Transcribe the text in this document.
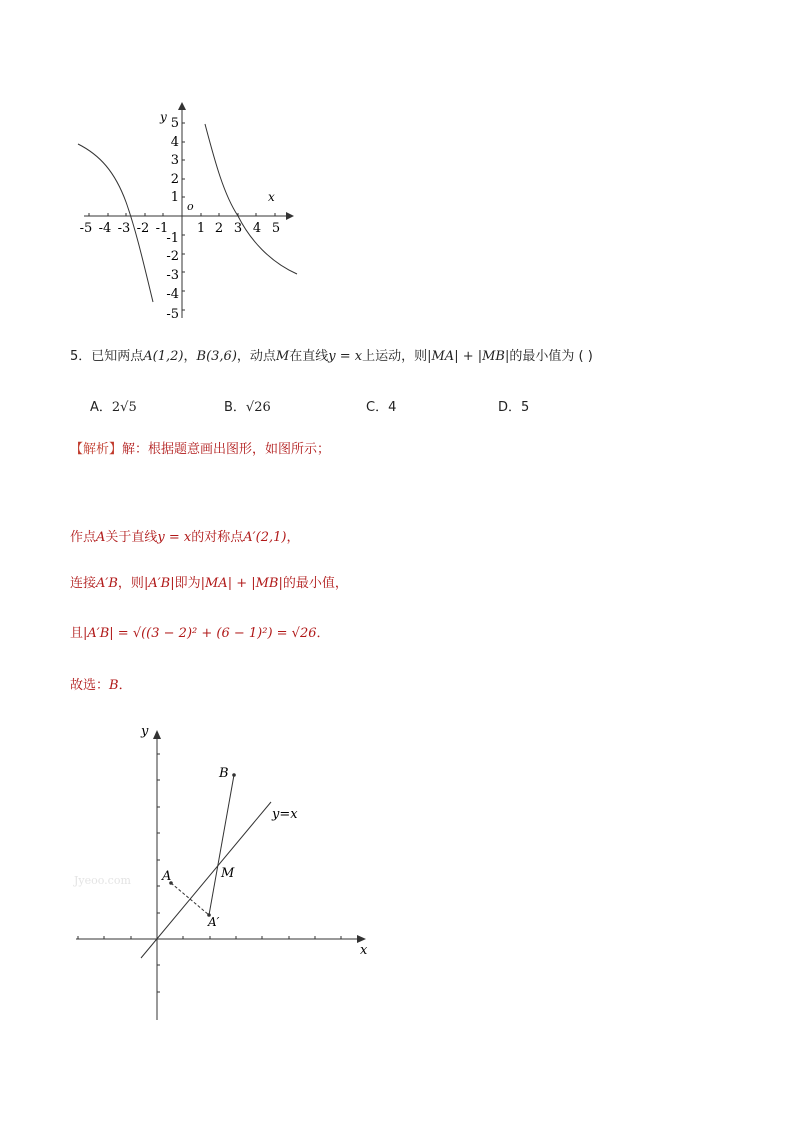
y
x
o
5
4
3
2
1
-1
-2
-3
-4
-5
-5 -4 -3 -2 -1 1 2 3 4 5
5．已知两点A(1,2)，B(3,6)，动点M在直线y = x上运动，则|MA| + |MB|的最小值为 ( )
A．2√5	B．√26	C．4	D．5
【解析】解：根据题意画出图形，如图所示；
作点A关于直线y = x的对称点A′(2,1)，
连接A′B，则|A′B|即为|MA| + |MB|的最小值，
且|A′B| = √((3 − 2)² + (6 − 1)²) = √26．
故选：B．
Jyeoo.com
y
x
y=x
B
A
A′
M
